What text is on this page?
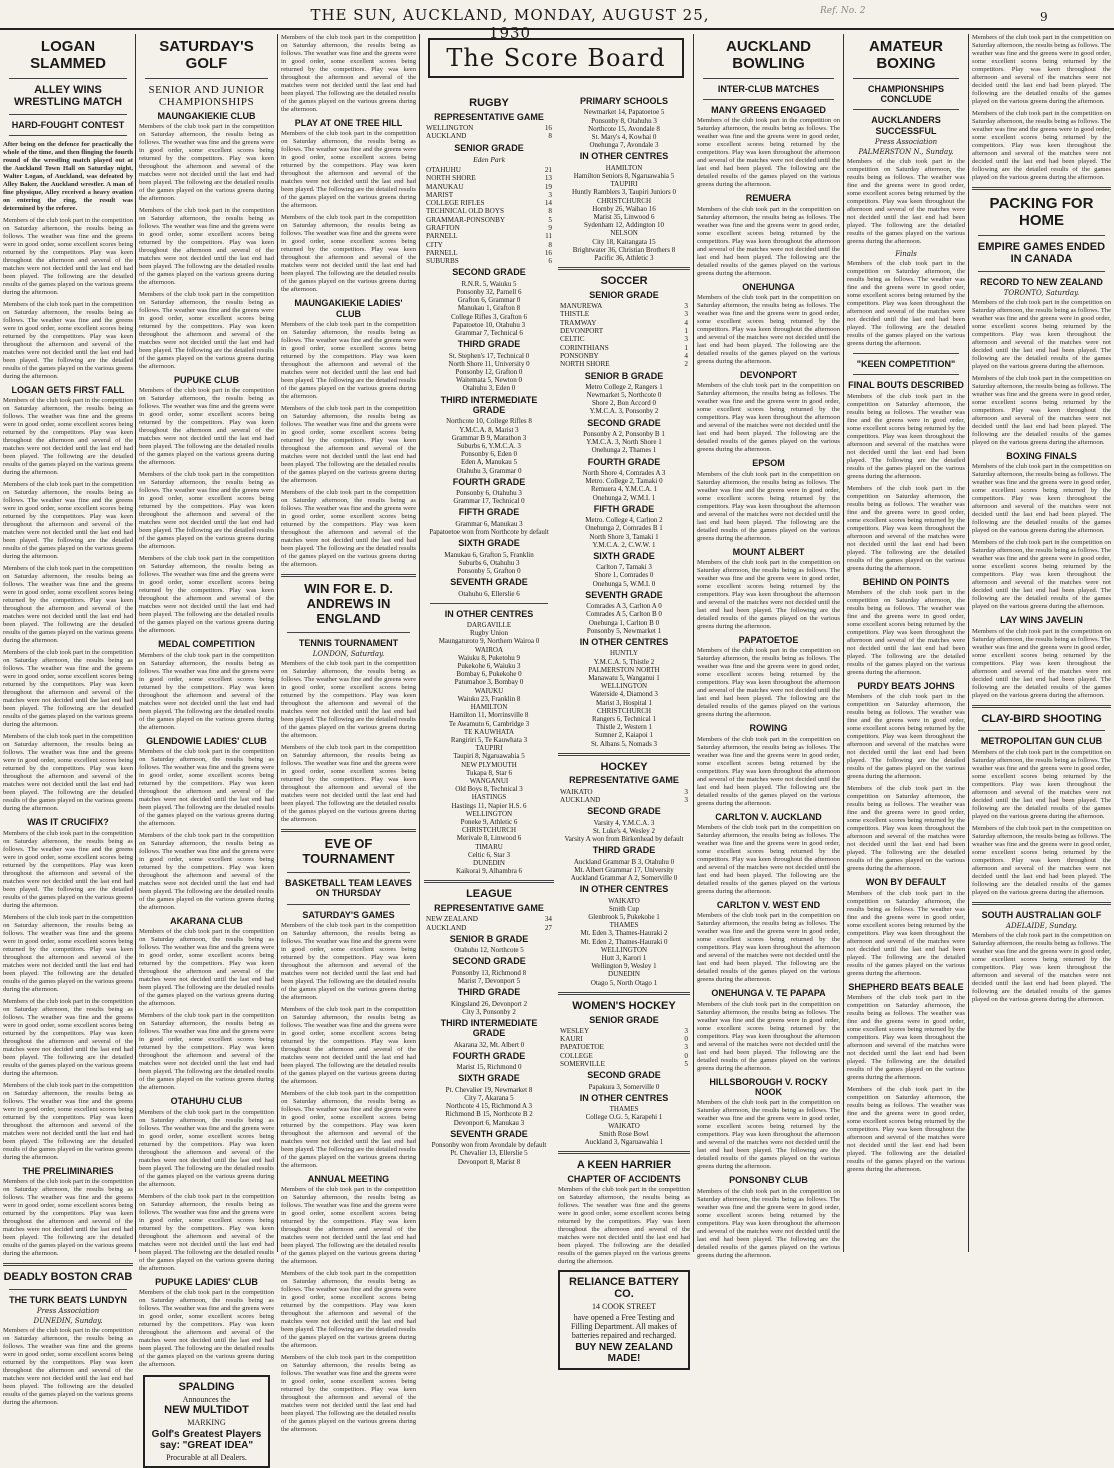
THE SUN, AUCKLAND, MONDAY, AUGUST 25, 1930
Ref. No. 2	9
LOGAN SLAMMED
ALLEY WINS WRESTLING MATCH
HARD-FOUGHT CONTEST

After being on the defence for practically the whole of the time, and then flinging the fourth round of the wrestling match played out at the Auckland Town Hall on Saturday night, Walter Logan, of Auckland, was defeated by Alley Baker, the Auckland wrestler. A man of fine physique, Alley received a heavy ovation on entering the ring, the result was determined by the referee.

Members of the club took part in the competition on Saturday afternoon, the results being as follows. The weather was fine and the greens were in good order, some excellent scores being returned by the competitors. Play was keen throughout the afternoon and several of the matches were not decided until the last end had been played. The following are the detailed results of the games played on the various greens during the afternoon.

Members of the club took part in the competition on Saturday afternoon, the results being as follows. The weather was fine and the greens were in good order, some excellent scores being returned by the competitors. Play was keen throughout the afternoon and several of the matches were not decided until the last end had been played. The following are the detailed results of the games played on the various greens during the afternoon.

LOGAN GETS FIRST FALL

Members of the club took part in the competition on Saturday afternoon, the results being as follows. The weather was fine and the greens were in good order, some excellent scores being returned by the competitors. Play was keen throughout the afternoon and several of the matches were not decided until the last end had been played. The following are the detailed results of the games played on the various greens during the afternoon.

Members of the club took part in the competition on Saturday afternoon, the results being as follows. The weather was fine and the greens were in good order, some excellent scores being returned by the competitors. Play was keen throughout the afternoon and several of the matches were not decided until the last end had been played. The following are the detailed results of the games played on the various greens during the afternoon.

Members of the club took part in the competition on Saturday afternoon, the results being as follows. The weather was fine and the greens were in good order, some excellent scores being returned by the competitors. Play was keen throughout the afternoon and several of the matches were not decided until the last end had been played. The following are the detailed results of the games played on the various greens during the afternoon.

Members of the club took part in the competition on Saturday afternoon, the results being as follows. The weather was fine and the greens were in good order, some excellent scores being returned by the competitors. Play was keen throughout the afternoon and several of the matches were not decided until the last end had been played. The following are the detailed results of the games played on the various greens during the afternoon.

Members of the club took part in the competition on Saturday afternoon, the results being as follows. The weather was fine and the greens were in good order, some excellent scores being returned by the competitors. Play was keen throughout the afternoon and several of the matches were not decided until the last end had been played. The following are the detailed results of the games played on the various greens during the afternoon.

WAS IT CRUCIFIX?

Members of the club took part in the competition on Saturday afternoon, the results being as follows. The weather was fine and the greens were in good order, some excellent scores being returned by the competitors. Play was keen throughout the afternoon and several of the matches were not decided until the last end had been played. The following are the detailed results of the games played on the various greens during the afternoon.

Members of the club took part in the competition on Saturday afternoon, the results being as follows. The weather was fine and the greens were in good order, some excellent scores being returned by the competitors. Play was keen throughout the afternoon and several of the matches were not decided until the last end had been played. The following are the detailed results of the games played on the various greens during the afternoon.

Members of the club took part in the competition on Saturday afternoon, the results being as follows. The weather was fine and the greens were in good order, some excellent scores being returned by the competitors. Play was keen throughout the afternoon and several of the matches were not decided until the last end had been played. The following are the detailed results of the games played on the various greens during the afternoon.

Members of the club took part in the competition on Saturday afternoon, the results being as follows. The weather was fine and the greens were in good order, some excellent scores being returned by the competitors. Play was keen throughout the afternoon and several of the matches were not decided until the last end had been played. The following are the detailed results of the games played on the various greens during the afternoon.

THE PRELIMINARIES

Members of the club took part in the competition on Saturday afternoon, the results being as follows. The weather was fine and the greens were in good order, some excellent scores being returned by the competitors. Play was keen throughout the afternoon and several of the matches were not decided until the last end had been played. The following are the detailed results of the games played on the various greens during the afternoon.

DEADLY BOSTON CRAB
THE TURK BEATS LUNDYN
Press Association
DUNEDIN, Sunday.

Members of the club took part in the competition on Saturday afternoon, the results being as follows. The weather was fine and the greens were in good order, some excellent scores being returned by the competitors. Play was keen throughout the afternoon and several of the matches were not decided until the last end had been played. The following are the detailed results of the games played on the various greens during the afternoon.

SATURDAY'S GOLF
SENIOR AND JUNIOR CHAMPIONSHIPS
MAUNGAKIEKIE CLUB

Members of the club took part in the competition on Saturday afternoon, the results being as follows. The weather was fine and the greens were in good order, some excellent scores being returned by the competitors. Play was keen throughout the afternoon and several of the matches were not decided until the last end had been played. The following are the detailed results of the games played on the various greens during the afternoon.

Members of the club took part in the competition on Saturday afternoon, the results being as follows. The weather was fine and the greens were in good order, some excellent scores being returned by the competitors. Play was keen throughout the afternoon and several of the matches were not decided until the last end had been played. The following are the detailed results of the games played on the various greens during the afternoon.

Members of the club took part in the competition on Saturday afternoon, the results being as follows. The weather was fine and the greens were in good order, some excellent scores being returned by the competitors. Play was keen throughout the afternoon and several of the matches were not decided until the last end had been played. The following are the detailed results of the games played on the various greens during the afternoon.

PUPUKE CLUB

Members of the club took part in the competition on Saturday afternoon, the results being as follows. The weather was fine and the greens were in good order, some excellent scores being returned by the competitors. Play was keen throughout the afternoon and several of the matches were not decided until the last end had been played. The following are the detailed results of the games played on the various greens during the afternoon.

Members of the club took part in the competition on Saturday afternoon, the results being as follows. The weather was fine and the greens were in good order, some excellent scores being returned by the competitors. Play was keen throughout the afternoon and several of the matches were not decided until the last end had been played. The following are the detailed results of the games played on the various greens during the afternoon.

Members of the club took part in the competition on Saturday afternoon, the results being as follows. The weather was fine and the greens were in good order, some excellent scores being returned by the competitors. Play was keen throughout the afternoon and several of the matches were not decided until the last end had been played. The following are the detailed results of the games played on the various greens during the afternoon.

MEDAL COMPETITION

Members of the club took part in the competition on Saturday afternoon, the results being as follows. The weather was fine and the greens were in good order, some excellent scores being returned by the competitors. Play was keen throughout the afternoon and several of the matches were not decided until the last end had been played. The following are the detailed results of the games played on the various greens during the afternoon.

GLENDOWIE LADIES' CLUB

Members of the club took part in the competition on Saturday afternoon, the results being as follows. The weather was fine and the greens were in good order, some excellent scores being returned by the competitors. Play was keen throughout the afternoon and several of the matches were not decided until the last end had been played. The following are the detailed results of the games played on the various greens during the afternoon.

Members of the club took part in the competition on Saturday afternoon, the results being as follows. The weather was fine and the greens were in good order, some excellent scores being returned by the competitors. Play was keen throughout the afternoon and several of the matches were not decided until the last end had been played. The following are the detailed results of the games played on the various greens during the afternoon.

AKARANA CLUB

Members of the club took part in the competition on Saturday afternoon, the results being as follows. The weather was fine and the greens were in good order, some excellent scores being returned by the competitors. Play was keen throughout the afternoon and several of the matches were not decided until the last end had been played. The following are the detailed results of the games played on the various greens during the afternoon.

Members of the club took part in the competition on Saturday afternoon, the results being as follows. The weather was fine and the greens were in good order, some excellent scores being returned by the competitors. Play was keen throughout the afternoon and several of the matches were not decided until the last end had been played. The following are the detailed results of the games played on the various greens during the afternoon.

OTAHUHU CLUB

Members of the club took part in the competition on Saturday afternoon, the results being as follows. The weather was fine and the greens were in good order, some excellent scores being returned by the competitors. Play was keen throughout the afternoon and several of the matches were not decided until the last end had been played. The following are the detailed results of the games played on the various greens during the afternoon.

Members of the club took part in the competition on Saturday afternoon, the results being as follows. The weather was fine and the greens were in good order, some excellent scores being returned by the competitors. Play was keen throughout the afternoon and several of the matches were not decided until the last end had been played. The following are the detailed results of the games played on the various greens during the afternoon.

PUPUKE LADIES' CLUB

Members of the club took part in the competition on Saturday afternoon, the results being as follows. The weather was fine and the greens were in good order, some excellent scores being returned by the competitors. Play was keen throughout the afternoon and several of the matches were not decided until the last end had been played. The following are the detailed results of the games played on the various greens during the afternoon.

SPALDING
Announces the
NEW MULTIDOT
MARKING
Golf's Greatest Players say: "GREAT IDEA"
Procurable at all Dealers.

Members of the club took part in the competition on Saturday afternoon, the results being as follows. The weather was fine and the greens were in good order, some excellent scores being returned by the competitors. Play was keen throughout the afternoon and several of the matches were not decided until the last end had been played. The following are the detailed results of the games played on the various greens during the afternoon.

PLAY AT ONE TREE HILL

Members of the club took part in the competition on Saturday afternoon, the results being as follows. The weather was fine and the greens were in good order, some excellent scores being returned by the competitors. Play was keen throughout the afternoon and several of the matches were not decided until the last end had been played. The following are the detailed results of the games played on the various greens during the afternoon.

Members of the club took part in the competition on Saturday afternoon, the results being as follows. The weather was fine and the greens were in good order, some excellent scores being returned by the competitors. Play was keen throughout the afternoon and several of the matches were not decided until the last end had been played. The following are the detailed results of the games played on the various greens during the afternoon.

MAUNGAKIEKIE LADIES' CLUB

Members of the club took part in the competition on Saturday afternoon, the results being as follows. The weather was fine and the greens were in good order, some excellent scores being returned by the competitors. Play was keen throughout the afternoon and several of the matches were not decided until the last end had been played. The following are the detailed results of the games played on the various greens during the afternoon.

Members of the club took part in the competition on Saturday afternoon, the results being as follows. The weather was fine and the greens were in good order, some excellent scores being returned by the competitors. Play was keen throughout the afternoon and several of the matches were not decided until the last end had been played. The following are the detailed results of the games played on the various greens during the afternoon.

Members of the club took part in the competition on Saturday afternoon, the results being as follows. The weather was fine and the greens were in good order, some excellent scores being returned by the competitors. Play was keen throughout the afternoon and several of the matches were not decided until the last end had been played. The following are the detailed results of the games played on the various greens during the afternoon.

WIN FOR E. D. ANDREWS IN ENGLAND
TENNIS TOURNAMENT
LONDON, Saturday.

Members of the club took part in the competition on Saturday afternoon, the results being as follows. The weather was fine and the greens were in good order, some excellent scores being returned by the competitors. Play was keen throughout the afternoon and several of the matches were not decided until the last end had been played. The following are the detailed results of the games played on the various greens during the afternoon.

Members of the club took part in the competition on Saturday afternoon, the results being as follows. The weather was fine and the greens were in good order, some excellent scores being returned by the competitors. Play was keen throughout the afternoon and several of the matches were not decided until the last end had been played. The following are the detailed results of the games played on the various greens during the afternoon.

EVE OF TOURNAMENT
BASKETBALL TEAM LEAVES ON THURSDAY
SATURDAY'S GAMES

Members of the club took part in the competition on Saturday afternoon, the results being as follows. The weather was fine and the greens were in good order, some excellent scores being returned by the competitors. Play was keen throughout the afternoon and several of the matches were not decided until the last end had been played. The following are the detailed results of the games played on the various greens during the afternoon.

Members of the club took part in the competition on Saturday afternoon, the results being as follows. The weather was fine and the greens were in good order, some excellent scores being returned by the competitors. Play was keen throughout the afternoon and several of the matches were not decided until the last end had been played. The following are the detailed results of the games played on the various greens during the afternoon.

Members of the club took part in the competition on Saturday afternoon, the results being as follows. The weather was fine and the greens were in good order, some excellent scores being returned by the competitors. Play was keen throughout the afternoon and several of the matches were not decided until the last end had been played. The following are the detailed results of the games played on the various greens during the afternoon.

ANNUAL MEETING

Members of the club took part in the competition on Saturday afternoon, the results being as follows. The weather was fine and the greens were in good order, some excellent scores being returned by the competitors. Play was keen throughout the afternoon and several of the matches were not decided until the last end had been played. The following are the detailed results of the games played on the various greens during the afternoon.

Members of the club took part in the competition on Saturday afternoon, the results being as follows. The weather was fine and the greens were in good order, some excellent scores being returned by the competitors. Play was keen throughout the afternoon and several of the matches were not decided until the last end had been played. The following are the detailed results of the games played on the various greens during the afternoon.

Members of the club took part in the competition on Saturday afternoon, the results being as follows. The weather was fine and the greens were in good order, some excellent scores being returned by the competitors. Play was keen throughout the afternoon and several of the matches were not decided until the last end had been played. The following are the detailed results of the games played on the various greens during the afternoon.

The Score Board
RUGBY
REPRESENTATIVE GAME
WELLINGTON	16
AUCKLAND	8
SENIOR GRADE
Eden Park
OTAHUHU	21
NORTH SHORE	13
MANUKAU	19
MARIST	3
COLLEGE RIFLES	14
TECHNICAL OLD BOYS	8
GRAMMAR-PONSONBY	5
GRAFTON	9
PARNELL	11
CITY	8
PARNELL	16
SUBURBS	6
SECOND GRADE
R.N.R. 5, Waiuku 5
Ponsonby 32, Parnell 6
Grafton 6, Grammar 0
Manukau 1, Grafton 8
College Rifles 3, Grafton 6
Papatoetoe 10, Otahuhu 3
Grammar 7, Technical 6
THIRD GRADE
St. Stephen's 17, Technical 0
North Shore 11, University 0
Ponsonby 12, Grafton 0
Waitemata 5, Newton 0
Otahuhu 3, Eden 0
THIRD INTERMEDIATE GRADE
Northcote 10, College Rifles 8
Y.M.C.A. 8, Marist 3
Grammar B 9, Marathon 3
Suburbs 6, Y.M.C.A. 3
Ponsonby 6, Eden 0
Eden A, Manukau 5
Otahuhu 3, Grammar 0
FOURTH GRADE
Ponsonby 6, Otahuhu 3
Grammar 17, Technical 0
FIFTH GRADE
Grammar 6, Manukau 3
Papatoetoe won from Northcote by default
SIXTH GRADE
Manukau 6, Grafton 5, Franklin
Suburbs 6, Otahuhu 3
Ponsonby 5, Grafton 0
SEVENTH GRADE
Otahuhu 6, Ellerslie 6
IN OTHER CENTRES
DARGAVILLE
Rugby Union
Maungaturoto 9, Northern Wairoa 0
WAIROA
Waiuku 8, Puketohu 9
Pukekohe 6, Waiuku 3
Bombay 6, Pukekohe 0
Patumahoe 3, Bombay 0
WAIUKU
Waiuku 23, Franklin 8
HAMILTON
Hamilton 11, Morrinsville 8
Te Awamutu 6, Cambridge 3
TE KAUWHATA
Rangiriri 5, Te Kauwhata 3
TAUPIRI
Taupiri 8, Ngaruawahia 5
NEW PLYMOUTH
Tukapa 8, Star 6
WANGANUI
Old Boys 8, Technical 3
HASTINGS
Hastings 11, Napier H.S. 6
WELLINGTON
Poneke 9, Athletic 6
CHRISTCHURCH
Merivale 8, Linwood 6
TIMARU
Celtic 6, Star 3
DUNEDIN
Kaikorai 9, Alhambra 6
LEAGUE
REPRESENTATIVE GAME
NEW ZEALAND	34
AUCKLAND	27
SENIOR B GRADE
Otahuhu 12, Northcote 5
SECOND GRADE
Ponsonby 13, Richmond 8
Marist 7, Devonport 5
THIRD GRADE
Kingsland 26, Devonport 2
City 3, Ponsonby 2
THIRD INTERMEDIATE GRADE
Akarana 32, Mt. Albert 0
FOURTH GRADE
Marist 15, Richmond 0
SIXTH GRADE
Pt. Chevalier 19, Newmarket 8
City 7, Akarana 5
Northcote 4 15, Richmond A 3
Richmond B 15, Northcote B 2
Devonport 6, Manukau 3
SEVENTH GRADE
Ponsonby won from Avondale by default
Pt. Chevalier 13, Ellerslie 5
Devonport 8, Marist 8
PRIMARY SCHOOLS
Newmarket 14, Papatoetoe 5
Ponsonby 8, Otahuhu 3
Northcote 15, Avondale 8
St. Mary's 4, Kowhai 0
Onehunga 7, Avondale 3
IN OTHER CENTRES
HAMILTON
Hamilton Seniors 8, Ngaruawahia 5
TAUPIRI
Huntly Ramblers 3, Taupiri Juniors 0
CHRISTCHURCH
Hornby 26, Waihao 16
Marist 35, Linwood 6
Sydenham 12, Addington 10
NELSON
City 18, Kaitangata 15
Brightwater 36, Christian Brothers 8
Pacific 36, Athletic 3
SOCCER
SENIOR GRADE
MANUREWA	3
THISTLE	3
TRAMWAY	4
DEVONPORT	1
CELTIC	3
CORINTHIANS	1
PONSONBY	4
NORTH SHORE	2
SENIOR B GRADE
Metro College 2, Rangers 1
Newmarket 5, Northcote 0
Shore 2, Bon Accord 0
Y.M.C.A. 3, Ponsonby 2
SECOND GRADE
Ponsonby A 2, Ponsonby B 1
Y.M.C.A. 3, North Shore 1
Onehunga 2, Thames 1
FOURTH GRADE
North Shore 4, Comrades A 3
Metro. College 2, Tamaki 0
Remuera 4, Y.M.C.A. 1
Onehunga 2, W.M.I. 1
FIFTH GRADE
Metro. College 4, Carlton 2
Onehunga 2, Comrades B 1
North Shore 3, Tamaki 1
Y.M.C.A. 2, C.W.W. 1
SIXTH GRADE
Carlton 7, Tamaki 3
Shore 1, Comrades 0
Onehunga 5, W.M.I. 0
SEVENTH GRADE
Comrades A 3, Carlton A 0
Comrades A 5, Carlton B 0
Onehunga 1, Carlton B 0
Ponsonby 5, Newmarket 1
IN OTHER CENTRES
HUNTLY
Y.M.C.A. 5, Thistle 2
PALMERSTON NORTH
Manawatu 5, Wanganui 1
WELLINGTON
Waterside 4, Diamond 3
Marist 3, Hospital 1
CHRISTCHURCH
Rangers 6, Technical 1
Thistle 2, Western 1
Sumner 2, Kaiapoi 1
St. Albans 5, Nomads 3
HOCKEY
REPRESENTATIVE GAME
WAIKATO	3
AUCKLAND	3
SECOND GRADE
Varsity 4, Y.M.C.A. 3
St. Luke's 4, Wesley 2
Varsity A won from Birkenhead by default
THIRD GRADE
Auckland Grammar B 3, Otahuhu 0
Mt. Albert Grammar 17, University
Auckland Grammar A 2, Somerville 0
IN OTHER CENTRES
WAIKATO
Smith Cup
Glenbrook 5, Pukekohe 1
THAMES
Mt. Eden 3, Thames-Hauraki 2
Mt. Eden 2, Thames-Hauraki 0
WELLINGTON
Hutt 3, Karori 1
Wellington 9, Wesley 1
DUNEDIN
Otago 5, North Otago 1
WOMEN'S HOCKEY
SENIOR GRADE
WESLEY	3
KAURI	0
PAPATOETOE	3
COLLEGE	0
SOMERVILLE	5
SECOND GRADE
Papakura 3, Somerville 0
IN OTHER CENTRES
THAMES
College O.G. 5, Karapehi 1
WAIKATO
Smith Rose Bowl
Auckland 3, Ngaruawahia 1
A KEEN HARRIER
CHAPTER OF ACCIDENTS

Members of the club took part in the competition on Saturday afternoon, the results being as follows. The weather was fine and the greens were in good order, some excellent scores being returned by the competitors. Play was keen throughout the afternoon and several of the matches were not decided until the last end had been played. The following are the detailed results of the games played on the various greens during the afternoon.

RELIANCE BATTERY CO.
14 COOK STREET
have opened a Free Testing and Filling Department. All makes of batteries repaired and recharged.
BUY NEW ZEALAND MADE!
AUCKLAND BOWLING
INTER-CLUB MATCHES
MANY GREENS ENGAGED

Members of the club took part in the competition on Saturday afternoon, the results being as follows. The weather was fine and the greens were in good order, some excellent scores being returned by the competitors. Play was keen throughout the afternoon and several of the matches were not decided until the last end had been played. The following are the detailed results of the games played on the various greens during the afternoon.

REMUERA

Members of the club took part in the competition on Saturday afternoon, the results being as follows. The weather was fine and the greens were in good order, some excellent scores being returned by the competitors. Play was keen throughout the afternoon and several of the matches were not decided until the last end had been played. The following are the detailed results of the games played on the various greens during the afternoon.

ONEHUNGA

Members of the club took part in the competition on Saturday afternoon, the results being as follows. The weather was fine and the greens were in good order, some excellent scores being returned by the competitors. Play was keen throughout the afternoon and several of the matches were not decided until the last end had been played. The following are the detailed results of the games played on the various greens during the afternoon.

DEVONPORT

Members of the club took part in the competition on Saturday afternoon, the results being as follows. The weather was fine and the greens were in good order, some excellent scores being returned by the competitors. Play was keen throughout the afternoon and several of the matches were not decided until the last end had been played. The following are the detailed results of the games played on the various greens during the afternoon.

EPSOM

Members of the club took part in the competition on Saturday afternoon, the results being as follows. The weather was fine and the greens were in good order, some excellent scores being returned by the competitors. Play was keen throughout the afternoon and several of the matches were not decided until the last end had been played. The following are the detailed results of the games played on the various greens during the afternoon.

MOUNT ALBERT

Members of the club took part in the competition on Saturday afternoon, the results being as follows. The weather was fine and the greens were in good order, some excellent scores being returned by the competitors. Play was keen throughout the afternoon and several of the matches were not decided until the last end had been played. The following are the detailed results of the games played on the various greens during the afternoon.

PAPATOETOE

Members of the club took part in the competition on Saturday afternoon, the results being as follows. The weather was fine and the greens were in good order, some excellent scores being returned by the competitors. Play was keen throughout the afternoon and several of the matches were not decided until the last end had been played. The following are the detailed results of the games played on the various greens during the afternoon.

ROWING

Members of the club took part in the competition on Saturday afternoon, the results being as follows. The weather was fine and the greens were in good order, some excellent scores being returned by the competitors. Play was keen throughout the afternoon and several of the matches were not decided until the last end had been played. The following are the detailed results of the games played on the various greens during the afternoon.

CARLTON V. AUCKLAND

Members of the club took part in the competition on Saturday afternoon, the results being as follows. The weather was fine and the greens were in good order, some excellent scores being returned by the competitors. Play was keen throughout the afternoon and several of the matches were not decided until the last end had been played. The following are the detailed results of the games played on the various greens during the afternoon.

CARLTON V. WEST END

Members of the club took part in the competition on Saturday afternoon, the results being as follows. The weather was fine and the greens were in good order, some excellent scores being returned by the competitors. Play was keen throughout the afternoon and several of the matches were not decided until the last end had been played. The following are the detailed results of the games played on the various greens during the afternoon.

ONEHUNGA V. TE PAPAPA

Members of the club took part in the competition on Saturday afternoon, the results being as follows. The weather was fine and the greens were in good order, some excellent scores being returned by the competitors. Play was keen throughout the afternoon and several of the matches were not decided until the last end had been played. The following are the detailed results of the games played on the various greens during the afternoon.

HILLSBOROUGH V. ROCKY NOOK

Members of the club took part in the competition on Saturday afternoon, the results being as follows. The weather was fine and the greens were in good order, some excellent scores being returned by the competitors. Play was keen throughout the afternoon and several of the matches were not decided until the last end had been played. The following are the detailed results of the games played on the various greens during the afternoon.

PONSONBY CLUB

Members of the club took part in the competition on Saturday afternoon, the results being as follows. The weather was fine and the greens were in good order, some excellent scores being returned by the competitors. Play was keen throughout the afternoon and several of the matches were not decided until the last end had been played. The following are the detailed results of the games played on the various greens during the afternoon.

AMATEUR BOXING
CHAMPIONSHIPS CONCLUDE
AUCKLANDERS SUCCESSFUL
Press Association
PALMERSTON N., Sunday.

Members of the club took part in the competition on Saturday afternoon, the results being as follows. The weather was fine and the greens were in good order, some excellent scores being returned by the competitors. Play was keen throughout the afternoon and several of the matches were not decided until the last end had been played. The following are the detailed results of the games played on the various greens during the afternoon.

Finals

Members of the club took part in the competition on Saturday afternoon, the results being as follows. The weather was fine and the greens were in good order, some excellent scores being returned by the competitors. Play was keen throughout the afternoon and several of the matches were not decided until the last end had been played. The following are the detailed results of the games played on the various greens during the afternoon.

"KEEN COMPETITION"
FINAL BOUTS DESCRIBED

Members of the club took part in the competition on Saturday afternoon, the results being as follows. The weather was fine and the greens were in good order, some excellent scores being returned by the competitors. Play was keen throughout the afternoon and several of the matches were not decided until the last end had been played. The following are the detailed results of the games played on the various greens during the afternoon.

Members of the club took part in the competition on Saturday afternoon, the results being as follows. The weather was fine and the greens were in good order, some excellent scores being returned by the competitors. Play was keen throughout the afternoon and several of the matches were not decided until the last end had been played. The following are the detailed results of the games played on the various greens during the afternoon.

BEHIND ON POINTS

Members of the club took part in the competition on Saturday afternoon, the results being as follows. The weather was fine and the greens were in good order, some excellent scores being returned by the competitors. Play was keen throughout the afternoon and several of the matches were not decided until the last end had been played. The following are the detailed results of the games played on the various greens during the afternoon.

PURDY BEATS JOHNS

Members of the club took part in the competition on Saturday afternoon, the results being as follows. The weather was fine and the greens were in good order, some excellent scores being returned by the competitors. Play was keen throughout the afternoon and several of the matches were not decided until the last end had been played. The following are the detailed results of the games played on the various greens during the afternoon.

Members of the club took part in the competition on Saturday afternoon, the results being as follows. The weather was fine and the greens were in good order, some excellent scores being returned by the competitors. Play was keen throughout the afternoon and several of the matches were not decided until the last end had been played. The following are the detailed results of the games played on the various greens during the afternoon.

WON BY DEFAULT

Members of the club took part in the competition on Saturday afternoon, the results being as follows. The weather was fine and the greens were in good order, some excellent scores being returned by the competitors. Play was keen throughout the afternoon and several of the matches were not decided until the last end had been played. The following are the detailed results of the games played on the various greens during the afternoon.

SHEPHERD BEATS BEALE

Members of the club took part in the competition on Saturday afternoon, the results being as follows. The weather was fine and the greens were in good order, some excellent scores being returned by the competitors. Play was keen throughout the afternoon and several of the matches were not decided until the last end had been played. The following are the detailed results of the games played on the various greens during the afternoon.

Members of the club took part in the competition on Saturday afternoon, the results being as follows. The weather was fine and the greens were in good order, some excellent scores being returned by the competitors. Play was keen throughout the afternoon and several of the matches were not decided until the last end had been played. The following are the detailed results of the games played on the various greens during the afternoon.

Members of the club took part in the competition on Saturday afternoon, the results being as follows. The weather was fine and the greens were in good order, some excellent scores being returned by the competitors. Play was keen throughout the afternoon and several of the matches were not decided until the last end had been played. The following are the detailed results of the games played on the various greens during the afternoon.

Members of the club took part in the competition on Saturday afternoon, the results being as follows. The weather was fine and the greens were in good order, some excellent scores being returned by the competitors. Play was keen throughout the afternoon and several of the matches were not decided until the last end had been played. The following are the detailed results of the games played on the various greens during the afternoon.

PACKING FOR HOME
EMPIRE GAMES ENDED IN CANADA
RECORD TO NEW ZEALAND
TORONTO, Saturday.

Members of the club took part in the competition on Saturday afternoon, the results being as follows. The weather was fine and the greens were in good order, some excellent scores being returned by the competitors. Play was keen throughout the afternoon and several of the matches were not decided until the last end had been played. The following are the detailed results of the games played on the various greens during the afternoon.

Members of the club took part in the competition on Saturday afternoon, the results being as follows. The weather was fine and the greens were in good order, some excellent scores being returned by the competitors. Play was keen throughout the afternoon and several of the matches were not decided until the last end had been played. The following are the detailed results of the games played on the various greens during the afternoon.

BOXING FINALS

Members of the club took part in the competition on Saturday afternoon, the results being as follows. The weather was fine and the greens were in good order, some excellent scores being returned by the competitors. Play was keen throughout the afternoon and several of the matches were not decided until the last end had been played. The following are the detailed results of the games played on the various greens during the afternoon.

Members of the club took part in the competition on Saturday afternoon, the results being as follows. The weather was fine and the greens were in good order, some excellent scores being returned by the competitors. Play was keen throughout the afternoon and several of the matches were not decided until the last end had been played. The following are the detailed results of the games played on the various greens during the afternoon.

LAY WINS JAVELIN

Members of the club took part in the competition on Saturday afternoon, the results being as follows. The weather was fine and the greens were in good order, some excellent scores being returned by the competitors. Play was keen throughout the afternoon and several of the matches were not decided until the last end had been played. The following are the detailed results of the games played on the various greens during the afternoon.

CLAY-BIRD SHOOTING
METROPOLITAN GUN CLUB

Members of the club took part in the competition on Saturday afternoon, the results being as follows. The weather was fine and the greens were in good order, some excellent scores being returned by the competitors. Play was keen throughout the afternoon and several of the matches were not decided until the last end had been played. The following are the detailed results of the games played on the various greens during the afternoon.

Members of the club took part in the competition on Saturday afternoon, the results being as follows. The weather was fine and the greens were in good order, some excellent scores being returned by the competitors. Play was keen throughout the afternoon and several of the matches were not decided until the last end had been played. The following are the detailed results of the games played on the various greens during the afternoon.

SOUTH AUSTRALIAN GOLF
ADELAIDE, Sunday.

Members of the club took part in the competition on Saturday afternoon, the results being as follows. The weather was fine and the greens were in good order, some excellent scores being returned by the competitors. Play was keen throughout the afternoon and several of the matches were not decided until the last end had been played. The following are the detailed results of the games played on the various greens during the afternoon.
